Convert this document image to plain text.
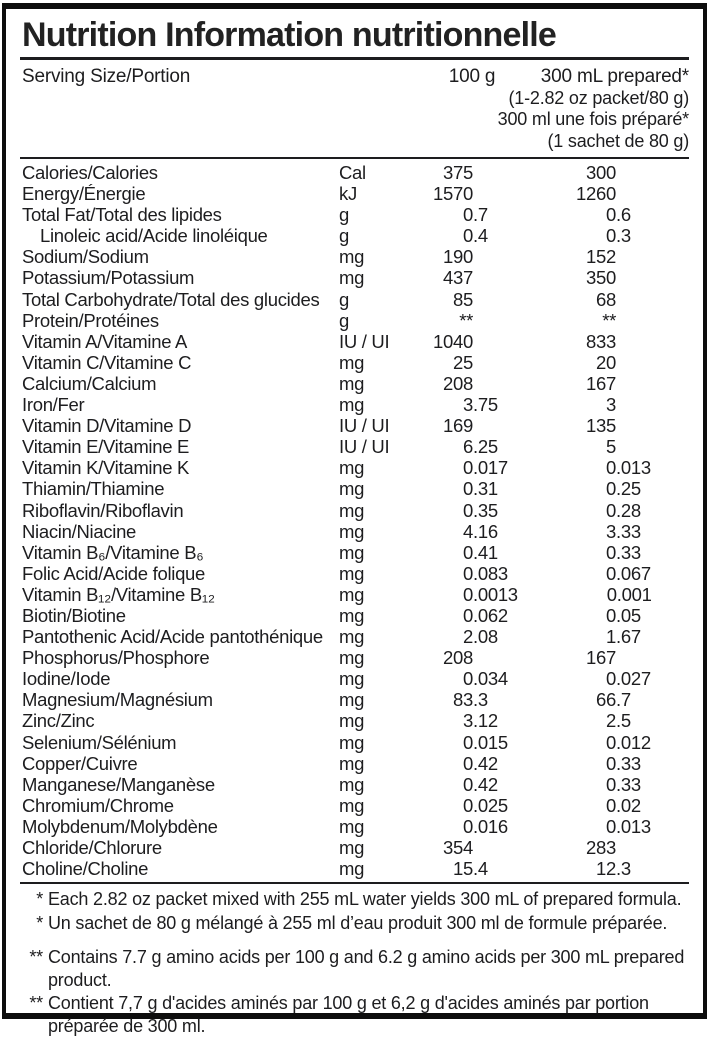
Nutrition Information nutritionnelle
Serving Size/Portion	100 g	300 mL prepared*
(1-2.82 oz packet/80 g)
300 ml une fois préparé*
(1 sachet de 80 g)
Calories/Calories	Cal	375	300
Energy/Énergie	kJ	1570	1260
Total Fat/Total des lipides	g	0 .7	0 .6
Linoleic acid/Acide linoléique	g	0 .4	0 .3
Sodium/Sodium	mg	190	152
Potassium/Potassium	mg	437	350
Total Carbohydrate/Total des glucides	g	85	68
Protein/Protéines	g	**	**
Vitamin A/Vitamine A	IU / UI	1040	833
Vitamin C/Vitamine C	mg	25	20
Calcium/Calcium	mg	208	167
Iron/Fer	mg	3 .75	3
Vitamin D/Vitamine D	IU / UI	169	135
Vitamin E/Vitamine E	IU / UI	6 .25	5
Vitamin K/Vitamine K	mg	0 .017	0 .013
Thiamin/Thiamine	mg	0 .31	0 .25
Riboflavin/Riboflavin	mg	0 .35	0 .28
Niacin/Niacine	mg	4 .16	3 .33
Vitamin B₆/Vitamine B₆	mg	0 .41	0 .33
Folic Acid/Acide folique	mg	0 .083	0 .067
Vitamin B₁₂/Vitamine B₁₂	mg	0 .0013	0 .001
Biotin/Biotine	mg	0 .062	0 .05
Pantothenic Acid/Acide pantothénique mg	2 .08	1 .67
Phosphorus/Phosphore	mg	208	167
Iodine/Iode	mg	0 .034	0 .027
Magnesium/Magnésium	mg	83 .3	66 .7
Zinc/Zinc	mg	3 .12	2 .5
Selenium/Sélénium	mg	0 .015	0 .012
Copper/Cuivre	mg	0 .42	0 .33
Manganese/Manganèse	mg	0 .42	0 .33
Chromium/Chrome	mg	0 .025	0 .02
Molybdenum/Molybdène	mg	0 .016	0 .013
Chloride/Chlorure	mg	354	283
Choline/Choline	mg	15 .4	12 .3
* Each 2.82 oz packet mixed with 255 mL water yields 300 mL of prepared formula.
* Un sachet de 80 g mélangé à 255 ml d’eau produit 300 ml de formule préparée.
** Contains 7.7 g amino acids per 100 g and 6.2 g amino acids per 300 mL prepared product.
** Contient 7,7 g d'acides aminés par 100 g et 6,2 g d'acides aminés par portion préparée de 300 ml.
